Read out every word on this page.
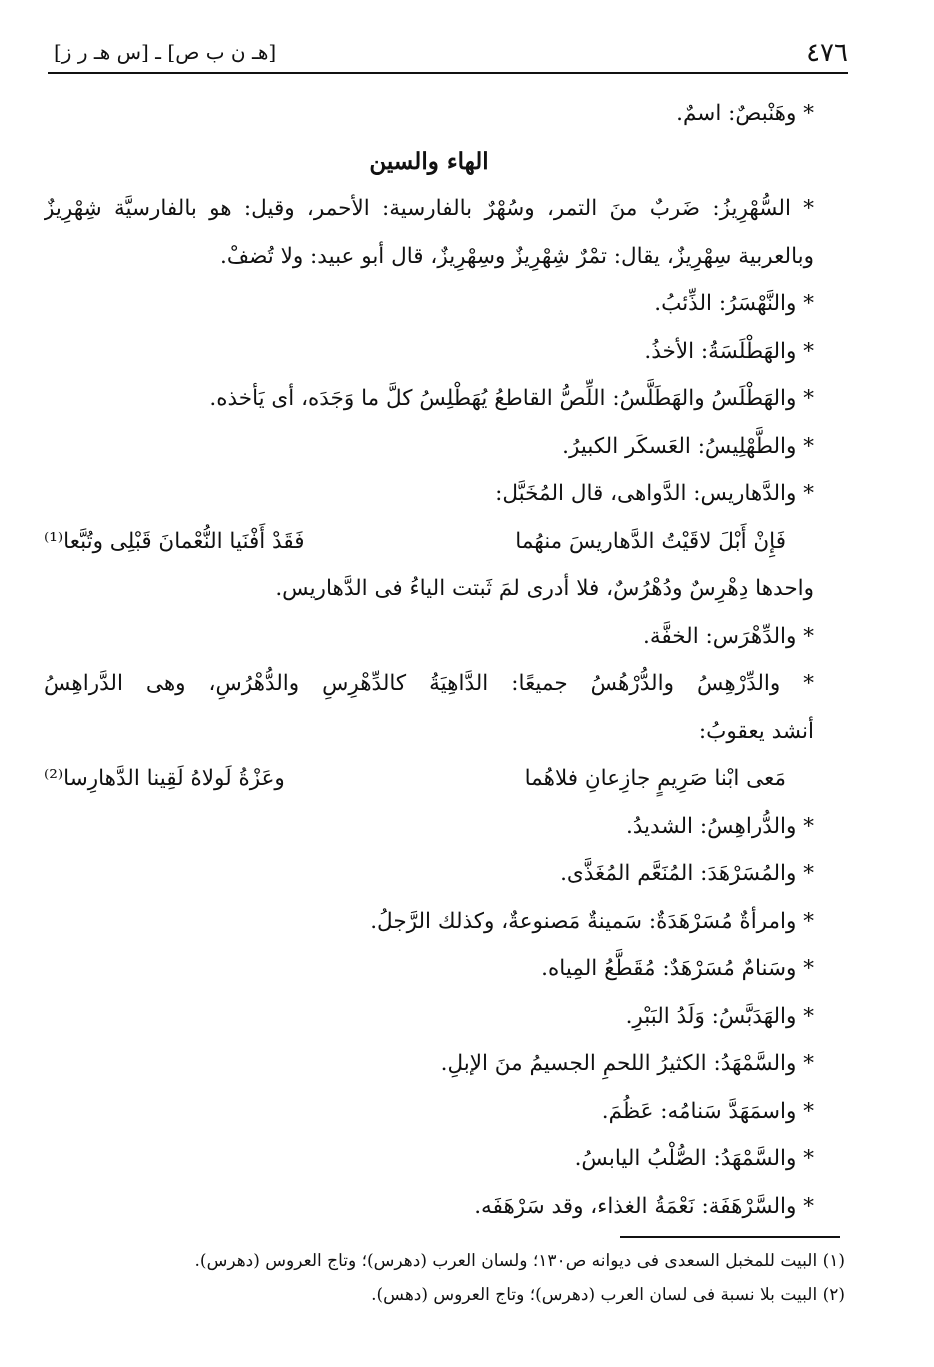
٤٧٦
[هـ ن ب ص] ـ [س هـ ر ز]
* وهَنْبصٌ: اسمٌ.
الهاء والسين
* السُّهْرِيزُ: ضَربٌ منَ التمر، وسُهْرٌ بالفارسية: الأحمر، وقيل: هو بالفارسيَّة شِهْرِيزٌ
وبالعربية سِهْرِيزٌ، يقال: تمْرٌ شِهْرِيزٌ وسِهْرِيزٌ، قال أبو عبيد: ولا تُضفْ.
* والنَّهْسَرُ: الذِّئبُ.
* والهَطْلَسَةُ: الأخذُ.
* والهَطْلَسُ والهَطَلَّسُ: اللِّصُّ القاطعُ يُهَطْلِسُ كلَّ ما وَجَدَه، أى يَأخذه.
* والطَّهْلِيسُ: العَسكَر الكبيرُ.
* والدَّهاريس: الدَّواهى، قال المُخَبَّل:
فَإِنْ أَبْلَ لاقَيْتُ الدَّهاريسَ منهُما
فَقَدْ أَفْنَيا النُّعْمانَ قَبْلِى وتُبَّعا⁽¹⁾
واحدها دِهْرِسٌ ودُهْرُسٌ، فلا أدرى لمَ ثَبتت الياءُ فى الدَّهاريس.
* والدِّهْرَس: الخفَّة.
* والدِّرْهِسُ والدُّرْهُسُ جميعًا: الدَّاهِيَةُ كالدِّهْرِسِ والدُّهْرُسِ، وهى الدَّراهِسُ
أنشد يعقوبُ:
مَعى ابْنا صَرِيمٍ جازِعانِ فلاهُما
وعَزْةُ لَولاهُ لَقِينا الدَّهارِسا⁽²⁾
* والدُّراهِسُ: الشديدُ.
* والمُسَرْهَدَ: المُنَعَّم المُغَذَّى.
* وامرأةٌ مُسَرْهَدَةٌ: سَمينةٌ مَصنوعةٌ، وكذلك الرَّجلُ.
* وسَنامٌ مُسَرْهَدٌ: مُقَطَّعُ المِياه.
* والهَدَبَّسُ: وَلَدُ البَبْرِ.
* والسَّمْهَدُ: الكثيرُ اللحمِ الجسيمُ منَ الإبلِ.
* واسمَهَدَّ سَنامُه: عَظُمَ.
* والسَّمْهَدُ: الصُّلْبُ اليابسُ.
* والسَّرْهَفَة: نَعْمَةُ الغذاء، وقد سَرْهَفَه.
(١) البيت للمخبل السعدى فى ديوانه ص١٣٠؛ ولسان العرب (دهرس)؛ وتاج العروس (دهرس).
(٢) البيت بلا نسبة فى لسان العرب (دهرس)؛ وتاج العروس (دهس).
